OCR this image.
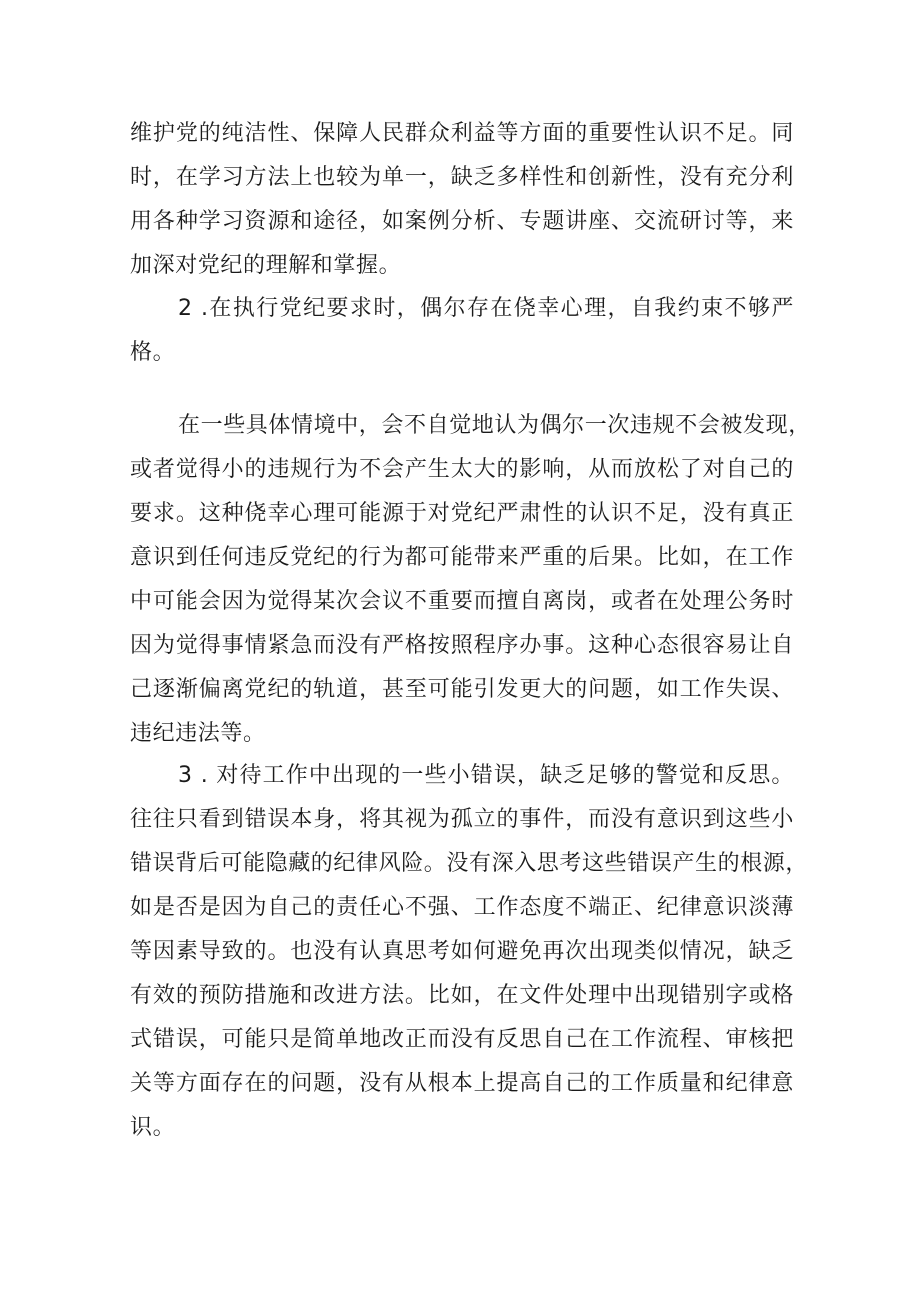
维护党的纯洁性、保障人民群众利益等方面的重要性认识不足。同
时，在学习方法上也较为单一，缺乏多样性和创新性，没有充分利
用各种学习资源和途径，如案例分析、专题讲座、交流研讨等，来
加深对党纪的理解和掌握。
2 .在执行党纪要求时，偶尔存在侥幸心理，自我约束不够严
格。
在一些具体情境中，会不自觉地认为偶尔一次违规不会被发现，
或者觉得小的违规行为不会产生太大的影响，从而放松了对自己的
要求。这种侥幸心理可能源于对党纪严肃性的认识不足，没有真正
意识到任何违反党纪的行为都可能带来严重的后果。比如，在工作
中可能会因为觉得某次会议不重要而擅自离岗，或者在处理公务时
因为觉得事情紧急而没有严格按照程序办事。这种心态很容易让自
己逐渐偏离党纪的轨道，甚至可能引发更大的问题，如工作失误、
违纪违法等。
3 . 对待工作中出现的一些小错误，缺乏足够的警觉和反思。
往往只看到错误本身，将其视为孤立的事件，而没有意识到这些小
错误背后可能隐藏的纪律风险。没有深入思考这些错误产生的根源，
如是否是因为自己的责任心不强、工作态度不端正、纪律意识淡薄
等因素导致的。也没有认真思考如何避免再次出现类似情况，缺乏
有效的预防措施和改进方法。比如，在文件处理中出现错别字或格
式错误，可能只是简单地改正而没有反思自己在工作流程、审核把
关等方面存在的问题，没有从根本上提高自己的工作质量和纪律意
识。
